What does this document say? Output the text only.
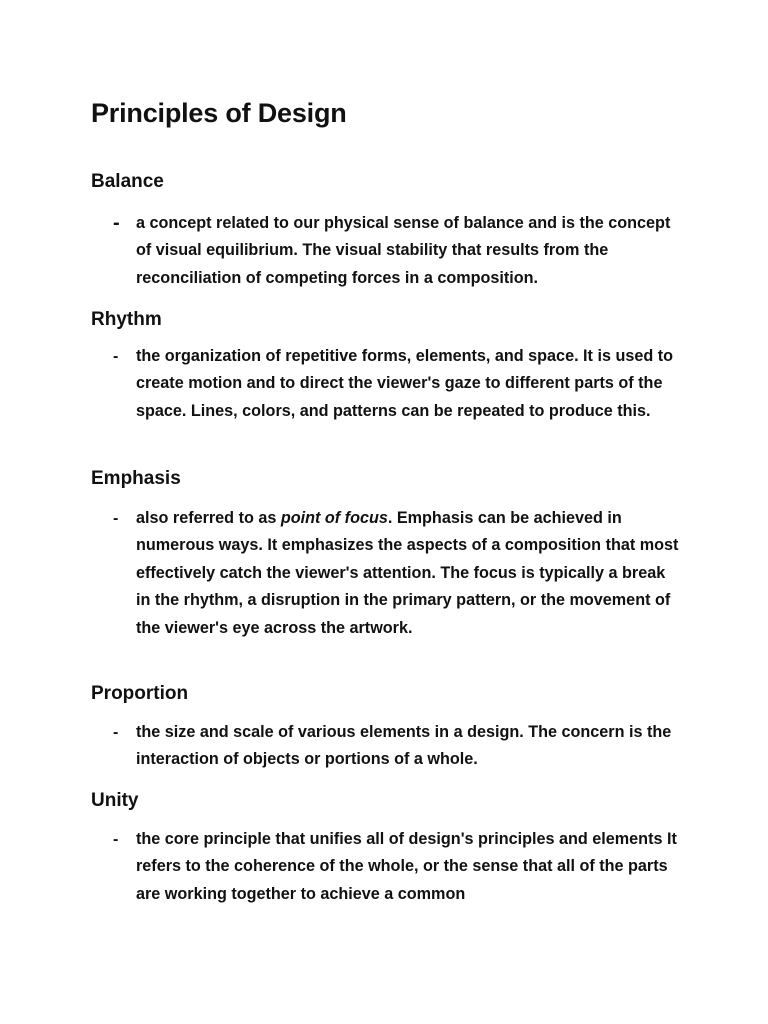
Principles of Design
Balance
- a concept related to our physical sense of balance and is the concept of visual equilibrium. The visual stability that results from the reconciliation of competing forces in a composition.

Rhythm
- the organization of repetitive forms, elements, and space. It is used to create motion and to direct the viewer's gaze to different parts of the space. Lines, colors, and patterns can be repeated to produce this.

Emphasis
- also referred to as point of focus. Emphasis can be achieved in numerous ways. It emphasizes the aspects of a composition that most effectively catch the viewer's attention. The focus is typically a break in the rhythm, a disruption in the primary pattern, or the movement of the viewer's eye across the artwork.

Proportion
- the size and scale of various elements in a design. The concern is the interaction of objects or portions of a whole.

Unity
- the core principle that unifies all of design's principles and elements It refers to the coherence of the whole, or the sense that all of the parts are working together to achieve a common
